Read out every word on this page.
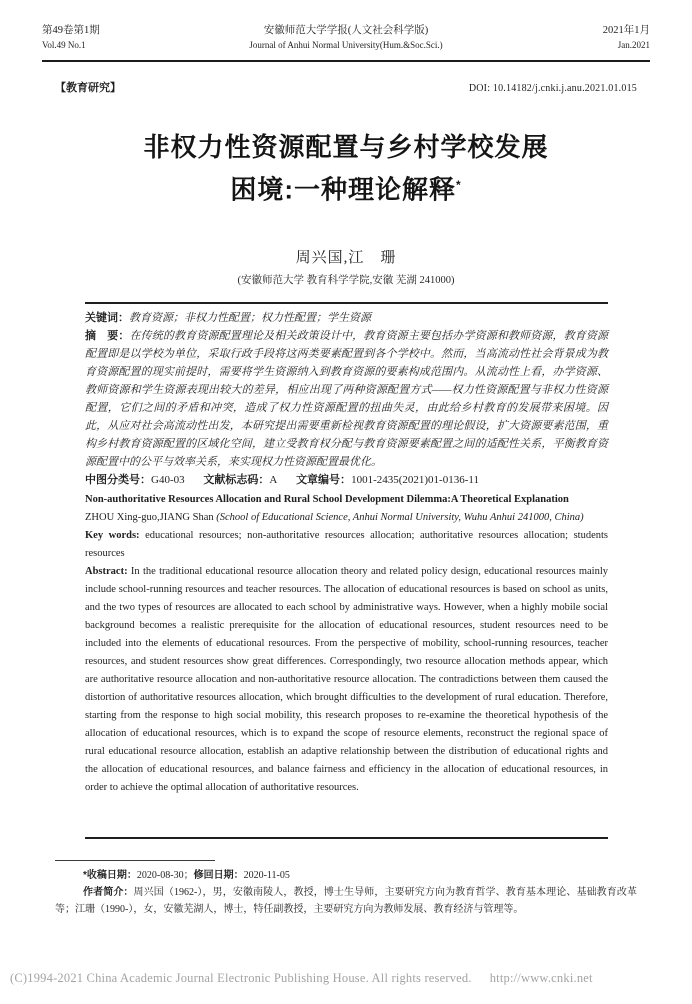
第49卷第1期
Vol.49 No.1
安徽师范大学学报(人文社会科学版)
Journal of Anhui Normal University(Hum.&Soc.Sci.)
2021年1月
Jan.2021
【教育研究】	DOI: 10.14182/j.cnki.j.anu.2021.01.015
非权力性资源配置与乡村学校发展
困境:一种理论解释*
周兴国,江　珊
(安徽师范大学 教育科学学院,安徽 芜湖 241000)

关键词：教育资源；非权力性配置；权力性配置；学生资源

摘　要：在传统的教育资源配置理论及相关政策设计中，教育资源主要包括办学资源和教师资源，教育资源配置即是以学校为单位，采取行政手段将这两类要素配置到各个学校中。然而，当高流动性社会背景成为教育资源配置的现实前提时，需要将学生资源纳入到教育资源的要素构成范围内。从流动性上看，办学资源、教师资源和学生资源表现出较大的差异，相应出现了两种资源配置方式——权力性资源配置与非权力性资源配置，它们之间的矛盾和冲突，造成了权力性资源配置的扭曲失灵，由此给乡村教育的发展带来困境。因此，从应对社会高流动性出发，本研究提出需要重新检视教育资源配置的理论假设，扩大资源要素范围，重构乡村教育资源配置的区域化空间，建立受教育权分配与教育资源要素配置之间的适配性关系，平衡教育资源配置中的公平与效率关系，来实现权力性资源配置最优化。

中图分类号：G40-03 文献标志码：A 文章编号：1001-2435(2021)01-0136-11

Non-authoritative Resources Allocation and Rural School Development Dilemma:A Theoretical Explanation

ZHOU Xing-guo,JIANG Shan (School of Educational Science, Anhui Normal University, Wuhu Anhui 241000, China)

Key words: educational resources; non-authoritative resources allocation; authoritative resources allocation; students resources

Abstract: In the traditional educational resource allocation theory and related policy design, educational resources mainly include school-running resources and teacher resources. The allocation of educational resources is based on school as units, and the two types of resources are allocated to each school by administrative ways. However, when a highly mobile social background becomes a realistic prerequisite for the allocation of educational resources, student resources need to be included into the elements of educational resources. From the perspective of mobility, school-running resources, teacher resources, and student resources show great differences. Correspondingly, two resource allocation methods appear, which are authoritative resource allocation and non-authoritative resource allocation. The contradictions between them caused the distortion of authoritative resources allocation, which brought difficulties to the development of rural education. Therefore, starting from the response to high social mobility, this research proposes to re-examine the theoretical hypothesis of the allocation of educational resources, which is to expand the scope of resource elements, reconstruct the regional space of rural educational resource allocation, establish an adaptive relationship between the distribution of educational rights and the allocation of educational resources, and balance fairness and efficiency in the allocation of educational resources, in order to achieve the optimal allocation of authoritative resources.

*收稿日期：2020-08-30；修回日期：2020-11-05

作者简介：周兴国（1962-），男，安徽南陵人，教授，博士生导师，主要研究方向为教育哲学、教育基本理论、基础教育改革等；江珊（1990-），女，安徽芜湖人，博士，特任副教授，主要研究方向为教师发展、教育经济与管理等。

(C)1994-2021 China Academic Journal Electronic Publishing House. All rights reserved. http://www.cnki.net
